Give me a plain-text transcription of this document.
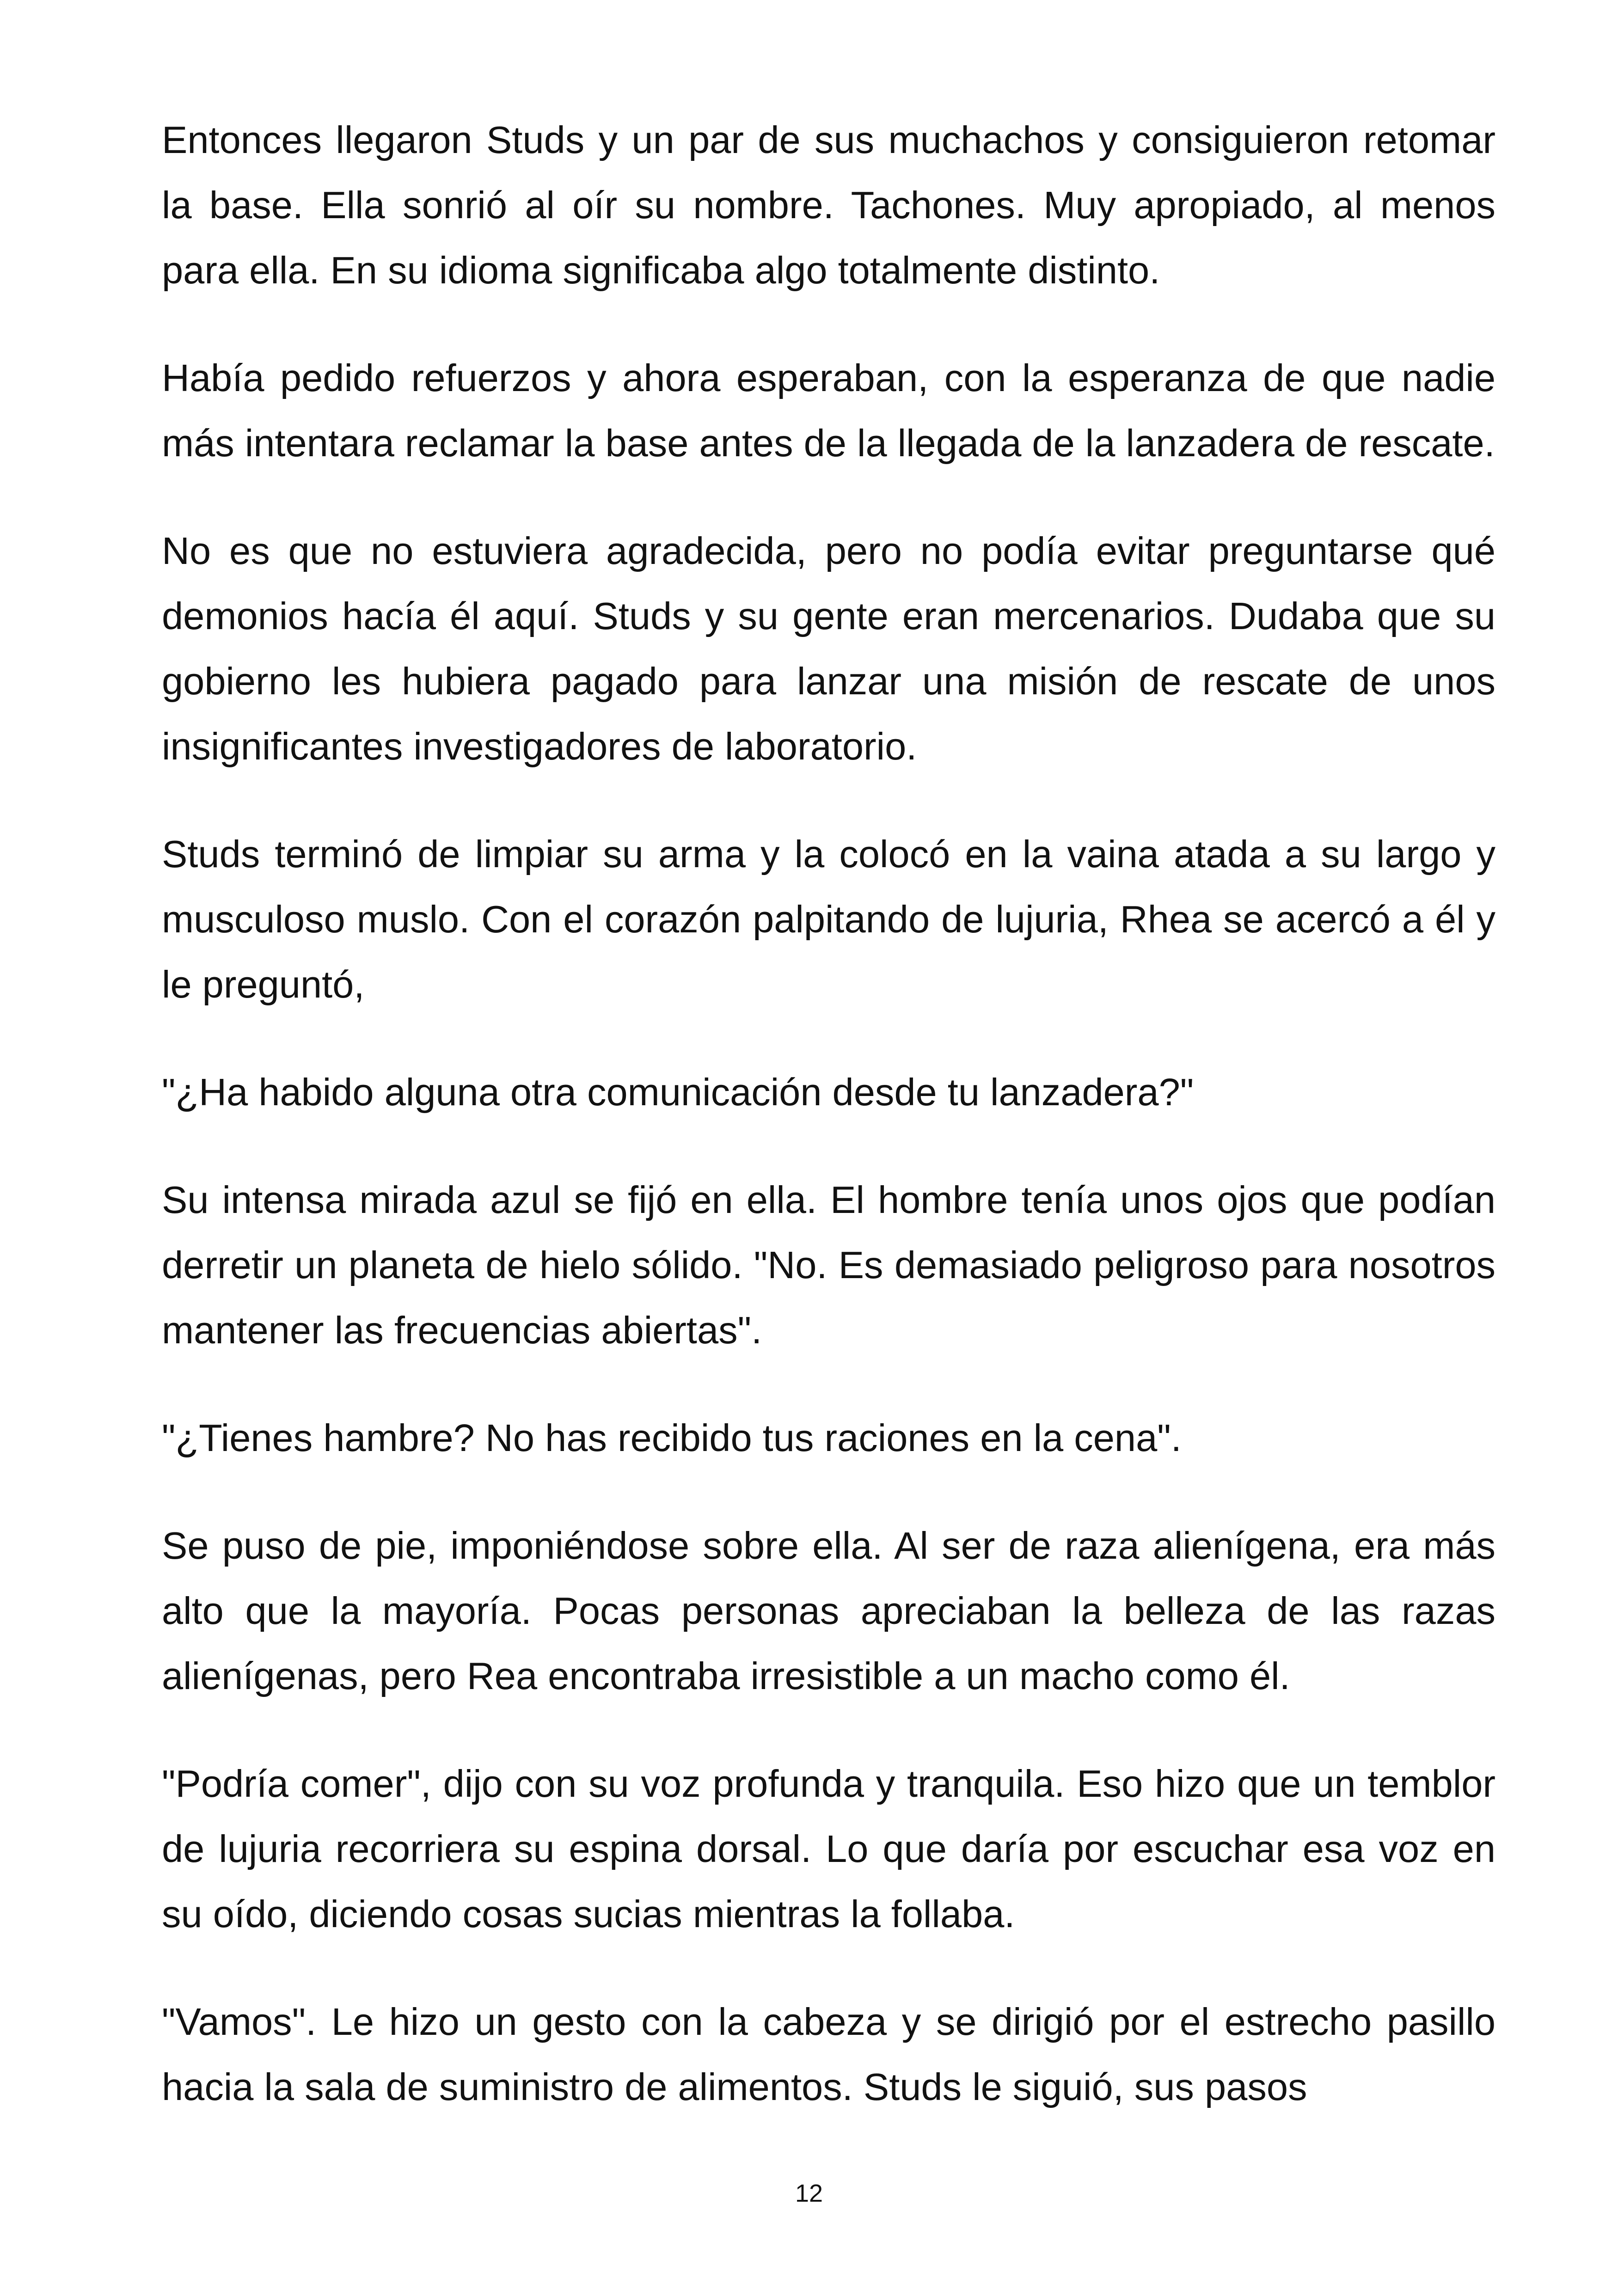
Entonces llegaron Studs y un par de sus muchachos y consiguieron retomar la base. Ella sonrió al oír su nombre. Tachones. Muy apropiado, al menos para ella. En su idioma significaba algo totalmente distinto.

Había pedido refuerzos y ahora esperaban, con la esperanza de que nadie más intentara reclamar la base antes de la llegada de la lanzadera de rescate.

No es que no estuviera agradecida, pero no podía evitar preguntarse qué demonios hacía él aquí. Studs y su gente eran mercenarios. Dudaba que su gobierno les hubiera pagado para lanzar una misión de rescate de unos insignificantes investigadores de laboratorio.

Studs terminó de limpiar su arma y la colocó en la vaina atada a su largo y musculoso muslo. Con el corazón palpitando de lujuria, Rhea se acercó a él y le preguntó,

"¿Ha habido alguna otra comunicación desde tu lanzadera?"

Su intensa mirada azul se fijó en ella. El hombre tenía unos ojos que podían derretir un planeta de hielo sólido. "No. Es demasiado peligroso para nosotros mantener las frecuencias abiertas".

"¿Tienes hambre? No has recibido tus raciones en la cena".

Se puso de pie, imponiéndose sobre ella. Al ser de raza alienígena, era más alto que la mayoría. Pocas personas apreciaban la belleza de las razas alienígenas, pero Rea encontraba irresistible a un macho como él.

"Podría comer", dijo con su voz profunda y tranquila. Eso hizo que un temblor de lujuria recorriera su espina dorsal. Lo que daría por escuchar esa voz en su oído, diciendo cosas sucias mientras la follaba.

"Vamos". Le hizo un gesto con la cabeza y se dirigió por el estrecho pasillo hacia la sala de suministro de alimentos. Studs le siguió, sus pasos

12
